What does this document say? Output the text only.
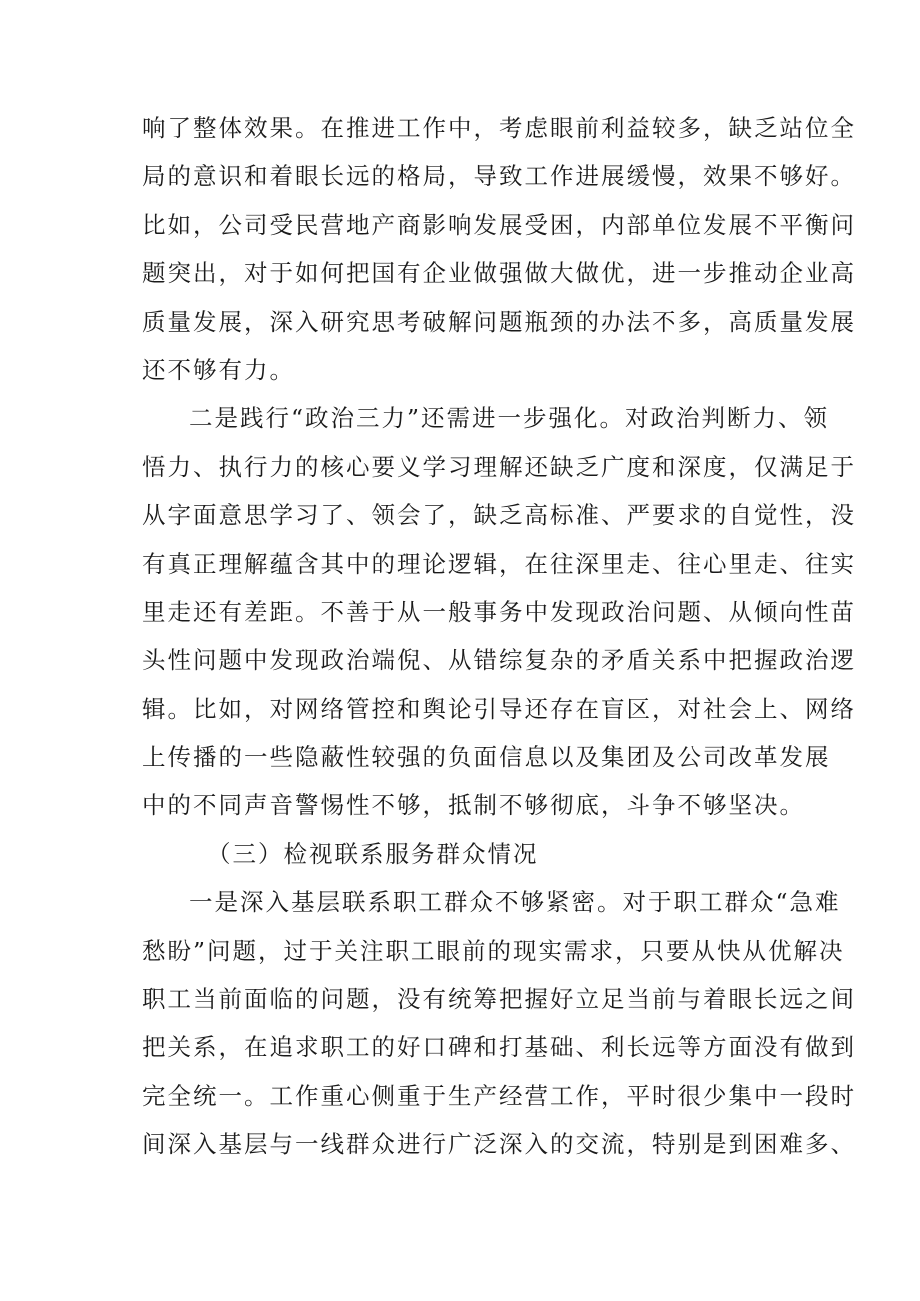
响了整体效果。在推进工作中，考虑眼前利益较多，缺乏站位全
局的意识和着眼长远的格局，导致工作进展缓慢，效果不够好。
比如，公司受民营地产商影响发展受困，内部单位发展不平衡问
题突出，对于如何把国有企业做强做大做优，进一步推动企业高
质量发展，深入研究思考破解问题瓶颈的办法不多，高质量发展
还不够有力。
二是践行“政治三力”还需进一步强化。对政治判断力、领
悟力、执行力的核心要义学习理解还缺乏广度和深度，仅满足于
从字面意思学习了、领会了，缺乏高标准、严要求的自觉性，没
有真正理解蕴含其中的理论逻辑，在往深里走、往心里走、往实
里走还有差距。不善于从一般事务中发现政治问题、从倾向性苗
头性问题中发现政治端倪、从错综复杂的矛盾关系中把握政治逻
辑。比如，对网络管控和舆论引导还存在盲区，对社会上、网络
上传播的一些隐蔽性较强的负面信息以及集团及公司改革发展
中的不同声音警惕性不够，抵制不够彻底，斗争不够坚决。
（三）检视联系服务群众情况
一是深入基层联系职工群众不够紧密。对于职工群众“急难
愁盼”问题，过于关注职工眼前的现实需求，只要从快从优解决
职工当前面临的问题，没有统筹把握好立足当前与着眼长远之间
把关系，在追求职工的好口碑和打基础、利长远等方面没有做到
完全统一。工作重心侧重于生产经营工作，平时很少集中一段时
间深入基层与一线群众进行广泛深入的交流，特别是到困难多、
